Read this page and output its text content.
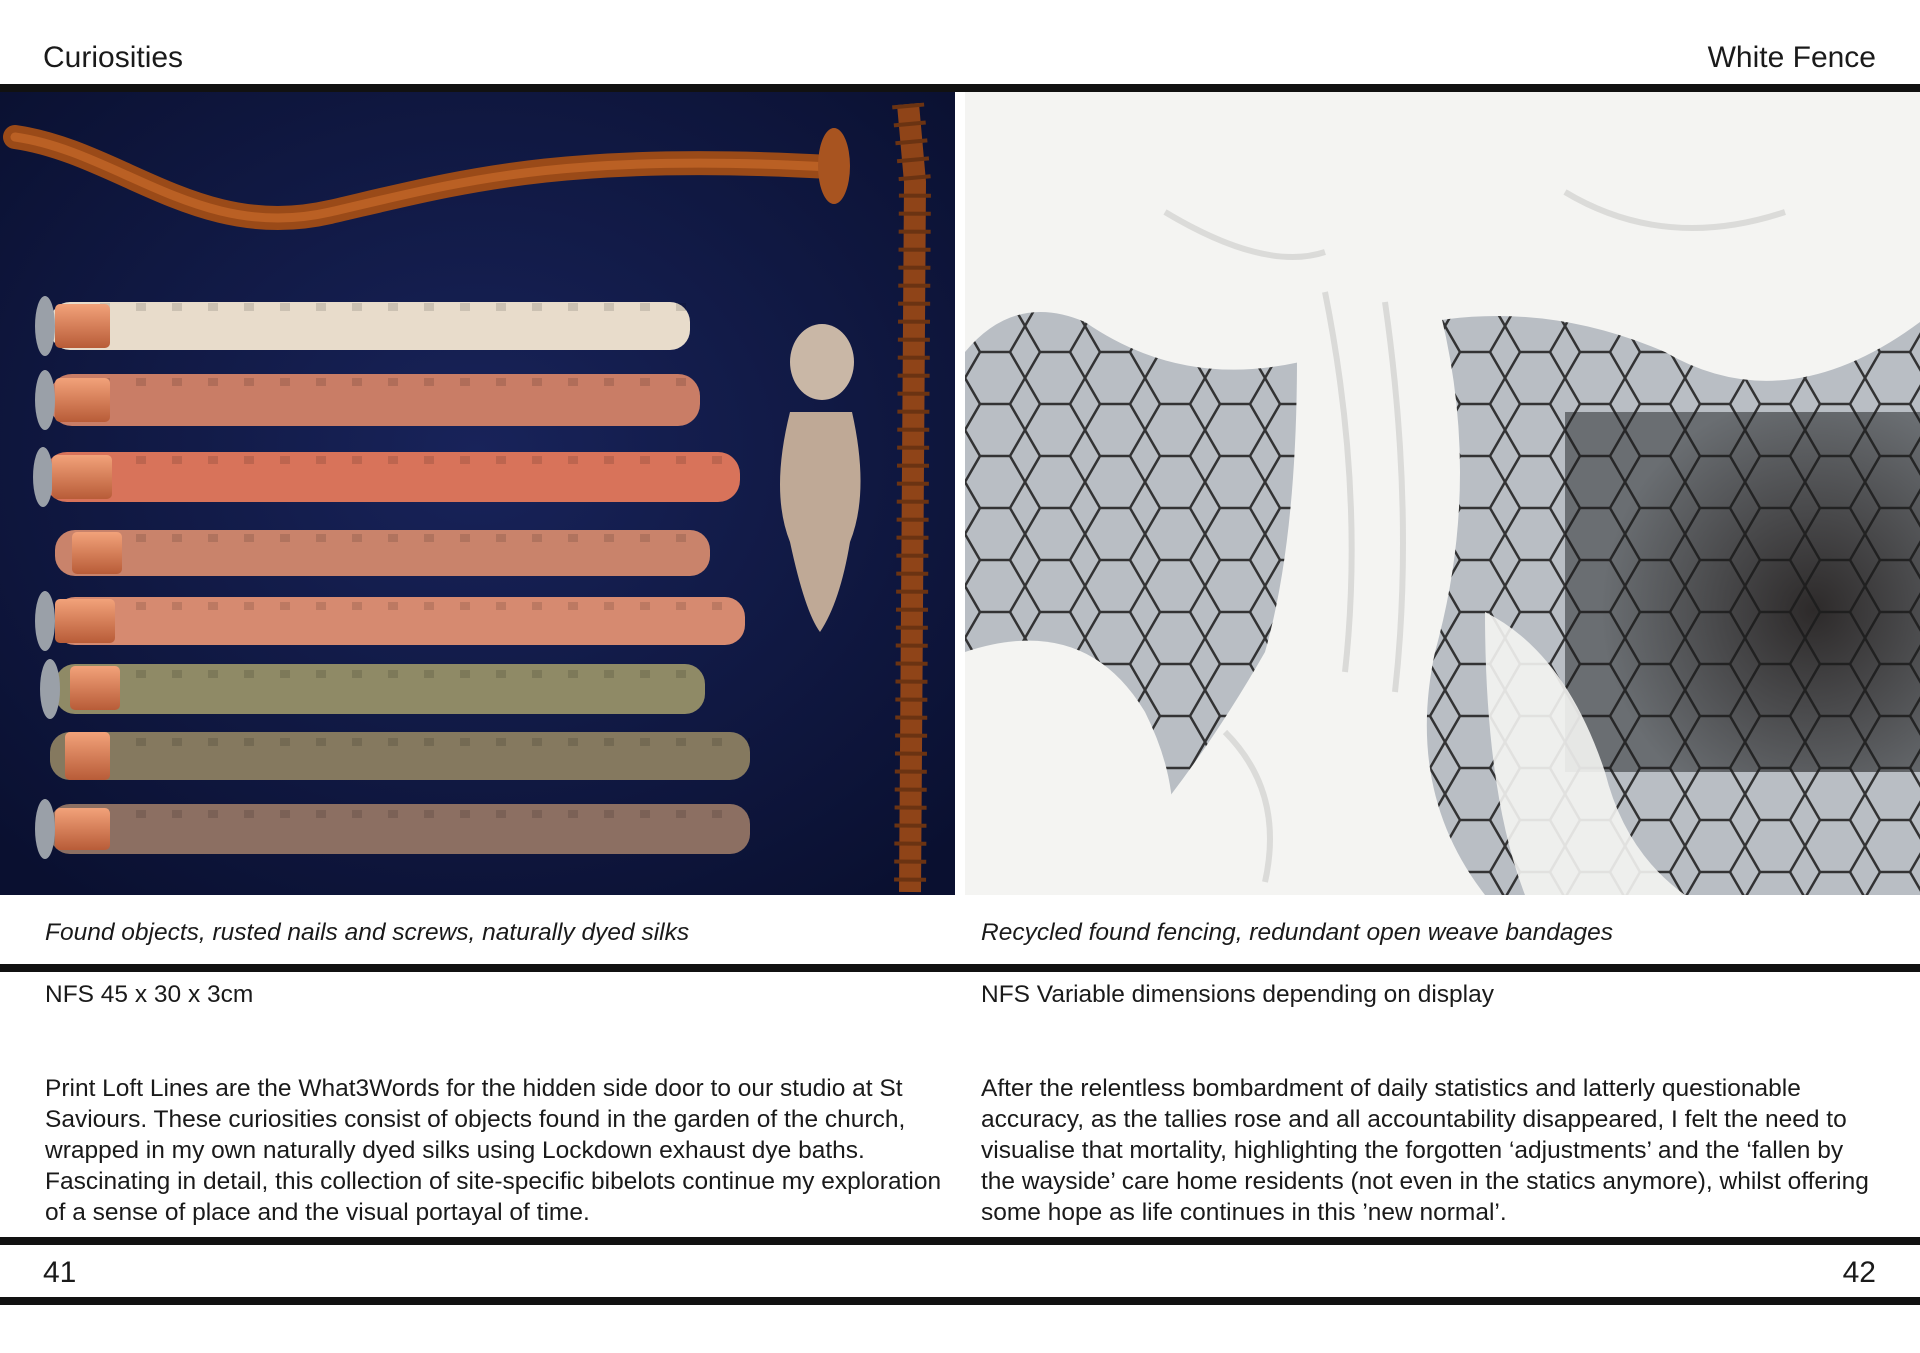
Curiosities	White Fence
Found objects, rusted nails and screws, naturally dyed silks	Recycled found fencing, redundant open weave bandages
NFS 45 x 30 x 3cm	NFS Variable dimensions depending on display
Print Loft Lines are the What3Words for the hidden side door to our studio at St Saviours. These curiosities consist of objects found in the garden of the church, wrapped in my own naturally dyed silks using Lockdown exhaust dye baths. Fascinating in detail, this collection of site-specific bibelots continue my exploration of a sense of place and the visual portayal of time.
After the relentless bombardment of daily statistics and latterly questionable accuracy, as the tallies rose and all accountability disappeared, I felt the need to visualise that mortality, highlighting the forgotten ‘adjustments’ and the ‘fallen by the wayside’ care home residents (not even in the statics anymore), whilst offering some hope as life continues in this ’new normal’.
41	42
